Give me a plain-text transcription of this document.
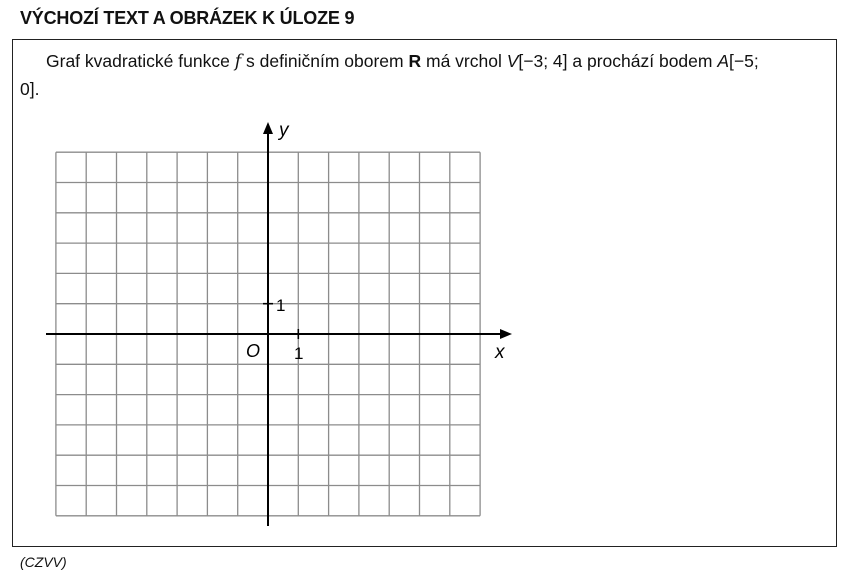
VÝCHOZÍ TEXT A OBRÁZEK K ÚLOZE 9
Graf kvadratické funkce f s definičním oborem R má vrchol V[−3; 4] a prochází bodem A[−5; 0].
y
x
O 1
1
(CZVV)
